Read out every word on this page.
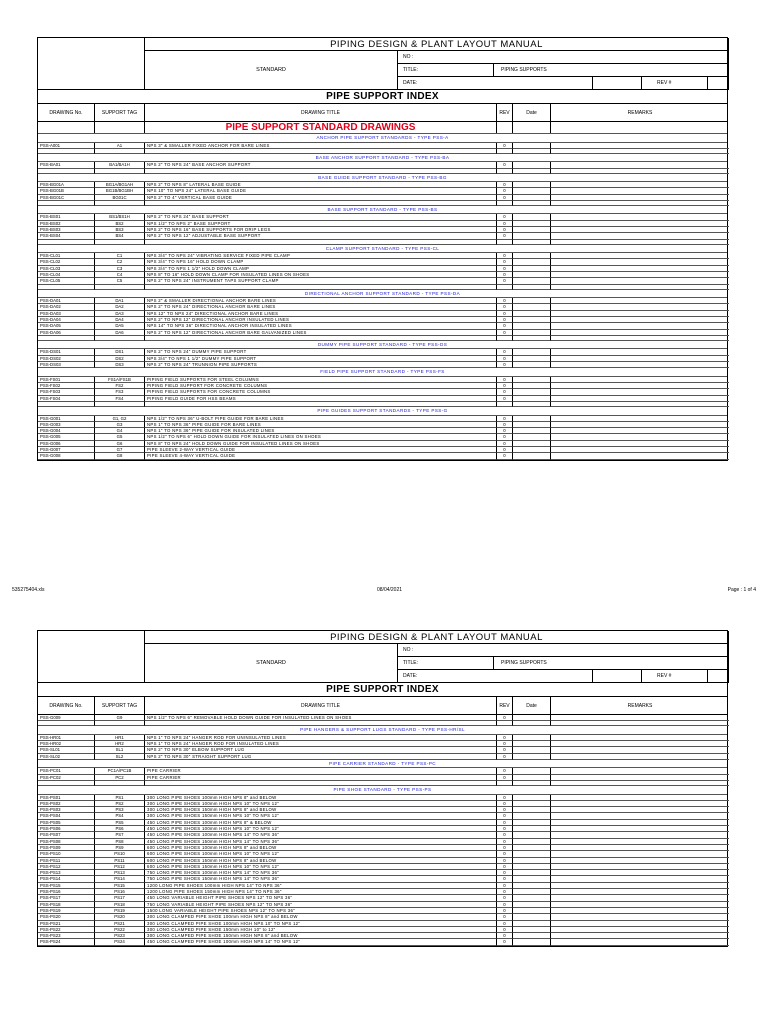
PIPING DESIGN & PLANT LAYOUT MANUAL
STANDARD
NO :
TITLE:	PIPING SUPPORTS
DATE:	REV #
PIPE SUPPORT INDEX
DRAWING No.	SUPPORT TAG	DRAWING TITLE	REV	Date	REMARKS
PIPE SUPPORT STANDARD DRAWINGS
ANCHOR PIPE SUPPORT STANDARDS - TYPE PSS-A
PSS-A001	A1	NPS 3" & SMALLER FIXED ANCHOR FOR BARE LINES	0
BASE ANCHOR SUPPORT STANDARD - TYPE PSS-BA
PSS-BA01	BA1/BA1H	NPS 2" TO NPS 24" BASE ANCHOR SUPPORT	0
BASE GUIDE SUPPORT STANDARD - TYPE PSS-BG
PSS-BG01A	BG1A/BG1AH	NPS 2" TO NPS 8" LATERAL BASE GUIDE	0
PSS-BG01B	BG1B/BG1BH	NPS 10" TO NPS 24" LATERAL BASE GUIDE	0
PSS-BG01C	BG01C	NPS 2" TO 4" VERTICAL BASE GUIDE	0
BASE SUPPORT STANDARD - TYPE PSS-BS
PSS-BS01	BS1/BS1H	NPS 2" TO NPS 24" BASE SUPPORT	0
PSS-BS02	BS2	NPS 1/2" TO NPS 2" BASE SUPPORT	0
PSS-BS03	BS3	NPS 2" TO NPS 16" BASE SUPPORTS FOR DRIP LEGS	0
PSS-BS04	BS4	NPS 2" TO NPS 12" ADJUSTABLE BASE SUPPORT	0
CLAMP SUPPORT STANDARD - TYPE PSS-CL
PSS-CL01	C1	NPS 3/4" TO NPS 24" VIBRATING SERVICE FIXED PIPE CLAMP	0
PSS-CL02	C2	NPS 3/4" TO NPS 16" HOLD DOWN CLAMP	0
PSS-CL03	C3	NPS 3/4" TO NPS 1 1/2" HOLD DOWN CLAMP	0
PSS-CL04	C4	NPS 8" TO 16" HOLD DOWN CLAMP FOR INSULATED LINES ON SHOES	0
PSS-CL05	C5	NPS 2" TO NPS 24" INSTRUMENT TAPS SUPPORT CLAMP	0
DIRECTIONAL ANCHOR SUPPORT STANDARD - TYPE PSS-DA
PSS-DA01	DA1	NPS 2" & SMALLER DIRECTIONAL ANCHOR BARE LINES	0
PSS-DA02	DA2	NPS 2" TO NPS 24" DIRECTIONAL ANCHOR BARE LINES	0
PSS-DA03	DA3	NPS 12" TO NPS 24" DIRECTIONAL ANCHOR BARE LINES	0
PSS-DA04	DA4	NPS 2" TO NPS 12" DIRECTIONAL ANCHOR INSULATED LINES	0
PSS-DA05	DA5	NPS 14" TO NPS 36" DIRECTIONAL ANCHOR INSULATED LINES	0
PSS-DA06	DA6	NPS 2" TO NPS 12" DIRECTIONAL ANCHOR BARE GALVANIZED LINES	0
DUMMY PIPE SUPPORT STANDARD - TYPE PSS-DS
PSS-DS01	DS1	NPS 2" TO NPS 24" DUMMY PIPE SUPPORT	0
PSS-DS02	DS2	NPS 3/4" TO NPS 1 1/2" DUMMY PIPE SUPPORT	0
PSS-DS03	DS3	NPS 2" TO NPS 24" TRUNNION PIPE SUPPORTS	0
FIELD PIPE SUPPORT STANDARD - TYPE PSS-FS
PSS-FS01	FS1A/FS1B	PIPING FIELD SUPPORTS FOR STEEL COLUMNS	0
PSS-FS02	FS2	PIPING FIELD SUPPORT FOR CONCRETE COLUMNS	0
PSS-FS03	FS3	PIPING FIELD SUPPORTS FOR CONCRETE COLUMNS	0
PSS-FS04	FS4	PIPING FIELD GUIDE FOR HSS BEAMS	0
PIPE GUIDES SUPPORT STANDARDS - TYPE PSS-G
PSS-G001	G1, G2	NPS 1/2" TO NPS 36" U-BOLT PIPE GUIDE FOR BARE LINES	0
PSS-G003	G3	NPS 1" TO NPS 36" PIPE GUIDE FOR BARE LINES	0
PSS-G004	G4	NPS 1" TO NPS 36" PIPE GUIDE FOR INSULATED LINES	0
PSS-G005	G5	NPS 1/2" TO NPS 6" HOLD DOWN GUIDE FOR INSULATED LINES ON SHOES	0
PSS-G006	G6	NPS 8" TO NPS 24" HOLD DOWN GUIDE FOR INSULATED LINES ON SHOES	0
PSS-G007	G7	PIPE SLEEVE 2-WAY VERTICAL GUIDE	0
PSS-G008	G8	PIPE SLEEVE 4-WAY VERTICAL GUIDE	0
535275404.xls	08/04/2021	Page : 1 of 4
PIPING DESIGN & PLANT LAYOUT MANUAL
STANDARD
NO :
TITLE:	PIPING SUPPORTS
DATE:	REV #
PIPE SUPPORT INDEX
DRAWING No.	SUPPORT TAG	DRAWING TITLE	REV	Date	REMARKS
PSS-G009	G9	NPS 1/2" TO NPS 6" REMOVABLE HOLD DOWN GUIDE FOR INSULATED LINES ON SHOES	0
PIPE HANGERS & SUPPORT LUGS STANDARD - TYPE PSS-HR/SL
PSS-HR01	HR1	NPS 1" TO NPS 24" HANGER ROD FOR UNINSULATED LINES	0
PSS-HR02	HR2	NPS 1" TO NPS 24" HANGER ROD FOR INSULATED LINES	0
PSS-SL01	SL1	NPS 2" TO NPS 30" ELBOW SUPPORT LUG	0
PSS-SL02	SL2	NPS 2" TO NPS 30" STRAIGHT SUPPORT LUG	0
PIPE CARRIER STANDARD - TYPE PSS-PC
PSS-PC01	PC1A/PC1B	PIPE CARRIER	0
PSS-PC02	PC2	PIPE CARRIER	0
PIPE SHOE STANDARD - TYPE PSS-PS
PSS-PS01	PS1	300 LONG PIPE SHOES 100mm HIGH NPS 8" and BELOW	0
PSS-PS02	PS2	300 LONG PIPE SHOES 100mm HIGH NPS 10" TO NPS 12"	0
PSS-PS03	PS3	300 LONG PIPE SHOES 150mm HIGH NPS 8" and BELOW	0
PSS-PS04	PS4	300 LONG PIPE SHOES 150mm HIGH NPS 10" TO NPS 12"	0
PSS-PS05	PS5	450 LONG PIPE SHOES 100mm HIGH NPS 8" & BELOW	0
PSS-PS06	PS6	450 LONG PIPE SHOES 100mm HIGH NPS 10" TO NPS 12"	0
PSS-PS07	PS7	450 LONG PIPE SHOES 100mm HIGH NPS 14" TO NPS 36"	0
PSS-PS08	PS8	450 LONG PIPE SHOES 150mm HIGH NPS 14" TO NPS 36"	0
PSS-PS09	PS9	600 LONG PIPE SHOES 100mm HIGH NPS 8" and BELOW	0
PSS-PS10	PS10	600 LONG PIPE SHOES 100mm HIGH NPS 10" TO NPS 12"	0
PSS-PS11	PS11	600 LONG PIPE SHOES 150mm HIGH NPS 8" and BELOW	0
PSS-PS12	PS12	600 LONG PIPE SHOES 150mm HIGH NPS 10" TO NPS 12"	0
PSS-PS13	PS13	750 LONG PIPE SHOES 100mm HIGH NPS 14" TO NPS 36"	0
PSS-PS14	PS14	750 LONG PIPE SHOES 150mm HIGH NPS 14" TO NPS 36"	0
PSS-PS15	PS15	1200 LONG PIPE SHOES 100mm HIGH NPS 14" TO NPS 36"	0
PSS-PS16	PS16	1200 LONG PIPE SHOES 150mm HIGH NPS 14" TO NPS 36"	0
PSS-PS17	PS17	450 LONG VARIABLE HEIGHT PIPE SHOES NPS 12" TO NPS 36"	0
PSS-PS18	PS18	750 LONG VARIABLE HEIGHT PIPE SHOES NPS 12" TO NPS 36"	0
PSS-PS19	PS19	1500 LONG VARIABLE HEIGHT PIPE SHOES NPS 12" TO NPS 36"	0
PSS-PS20	PS20	300 LONG CLAMPED PIPE SHOE 100mm HIGH NPS 8" and BELOW	0
PSS-PS21	PS21	300 LONG CLAMPED PIPE SHOE 100mm HIGH NPS 10" TO NPS 12"	0
PSS-PS22	PS22	300 LONG CLAMPED PIPE SHOE 150mm HIGH 10" to 12"	0
PSS-PS23	PS23	300 LONG CLAMPED PIPE SHOE 150mm HIGH NPS 8" and BELOW	0
PSS-PS24	PS24	450 LONG CLAMPED PIPE SHOE 100mm HIGH NPS 14" TO NPS 12"	0
